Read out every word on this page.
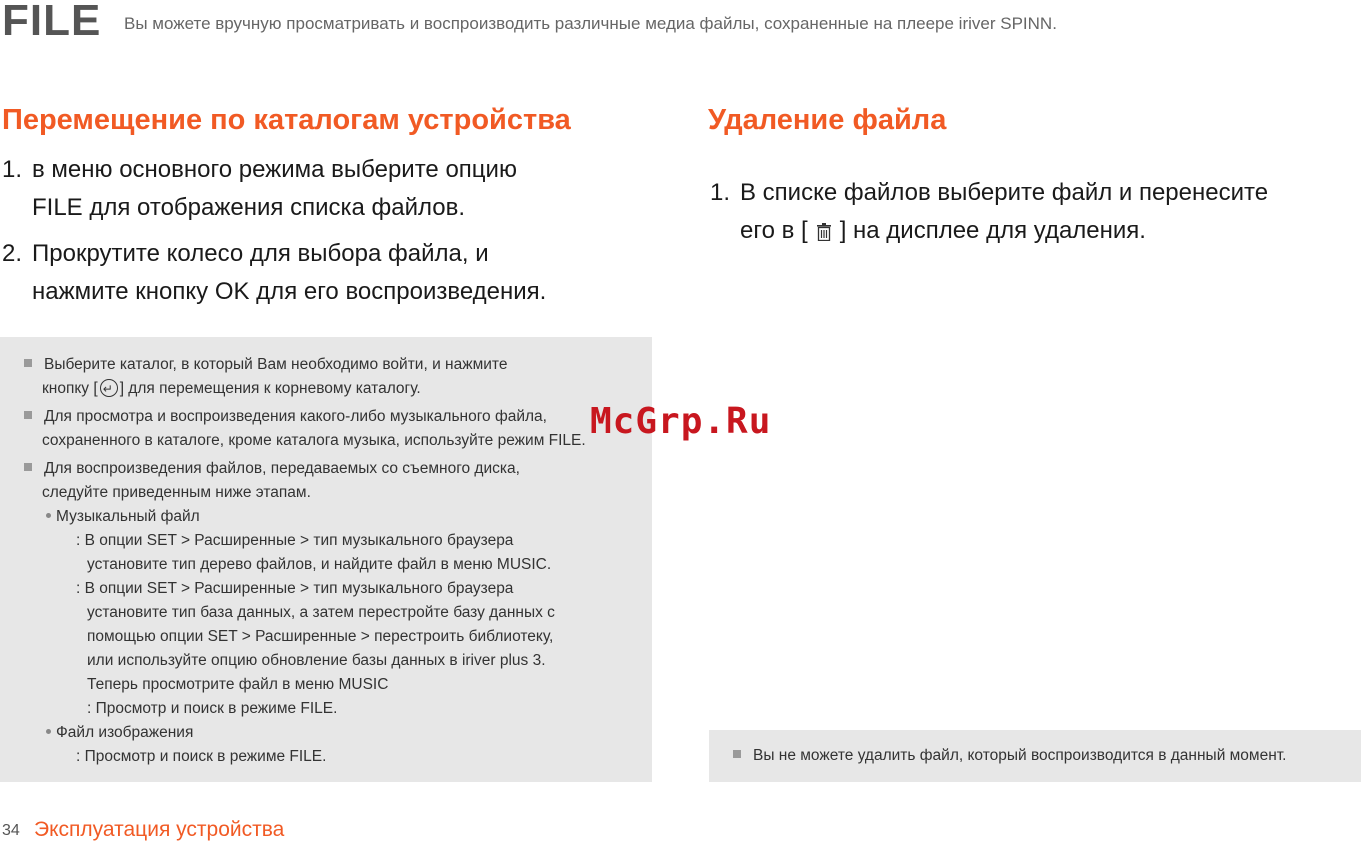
FILE Вы можете вручную просматривать и воспроизводить различные медиа файлы, сохраненные на плеере iriver SPINN.
Перемещение по каталогам устройства
1. в меню основного режима выберите опцию
FILE для отображения списка файлов.
2. Прокрутите колесо для выбора файла, и
нажмите кнопку OK для его воспроизведения.
Выберите каталог, в который Вам необходимо войти, и нажмите
кнопку [↵ ] для перемещения к корневому каталогу.
Для просмотра и воспроизведения какого-либо музыкального файла,
сохраненного в каталоге, кроме каталога музыка, используйте режим FILE.
Для воспроизведения файлов, передаваемых со съемного диска,
следуйте приведенным ниже этапам.
Музыкальный файл
: В опции SET > Расширенные > тип музыкального браузера
установите тип дерево файлов, и найдите файл в меню MUSIC.
: В опции SET > Расширенные > тип музыкального браузера
установите тип база данных, а затем перестройте базу данных с
помощью опции SET > Расширенные > перестроить библиотеку,
или используйте опцию обновление базы данных в iriver plus 3.
Теперь просмотрите файл в меню MUSIC
: Просмотр и поиск в режиме FILE.
Файл изображения
: Просмотр и поиск в режиме FILE.
Удаление файла
1. В списке файлов выберите файл и перенесите
его в [ ] на дисплее для удаления.
Вы не можете удалить файл, который воспроизводится в данный момент.
McGrp.Ru
34 Эксплуатация устройства
